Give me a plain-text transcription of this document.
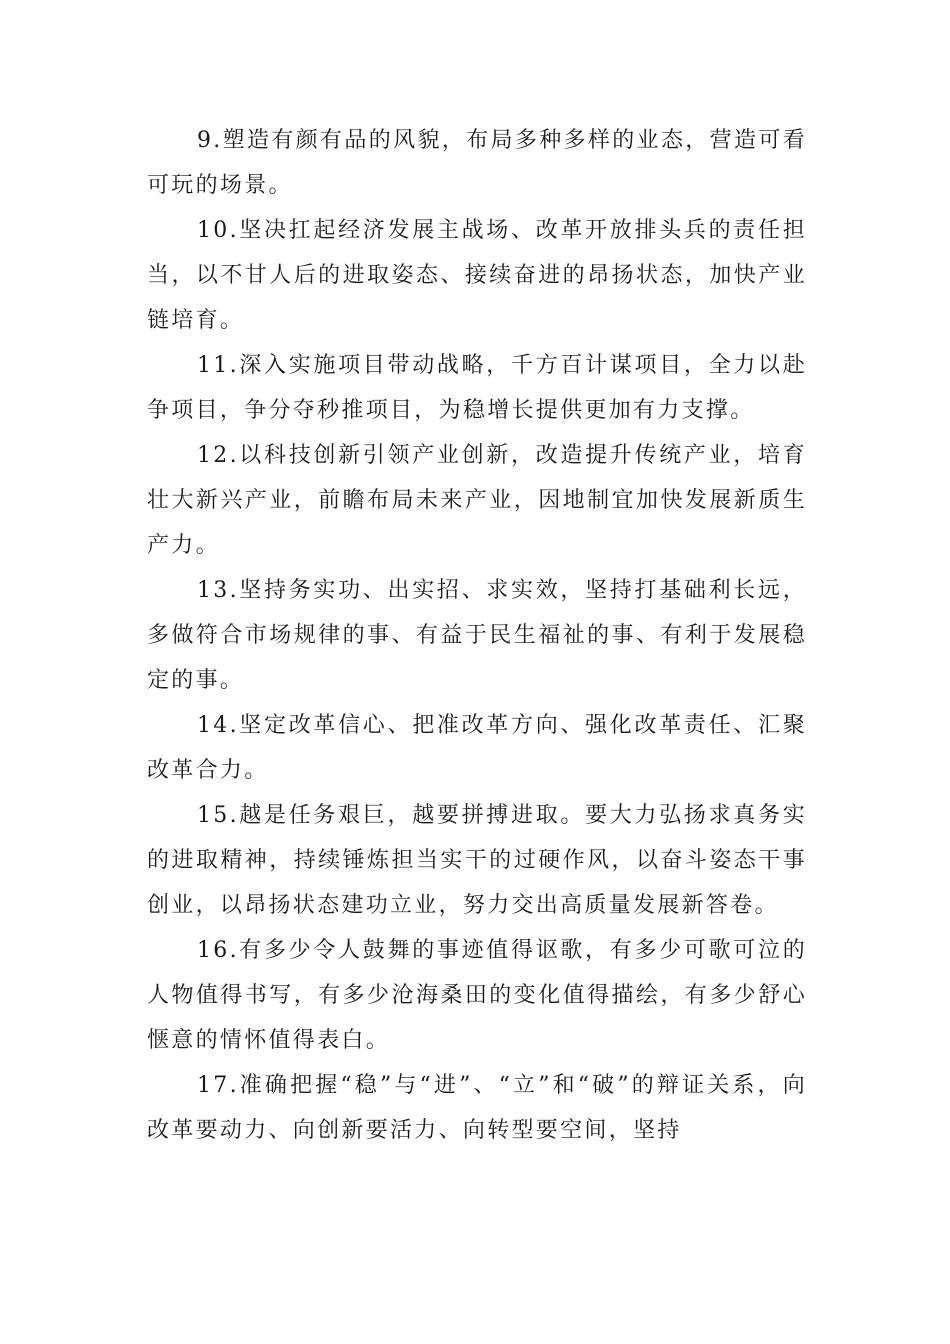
9.塑造有颜有品的风貌，布局多种多样的业态，营造可看可玩的场景。

10.坚决扛起经济发展主战场、改革开放排头兵的责任担当，以不甘人后的进取姿态、接续奋进的昂扬状态，加快产业链培育。

11.深入实施项目带动战略，千方百计谋项目，全力以赴争项目，争分夺秒推项目，为稳增长提供更加有力支撑。

12.以科技创新引领产业创新，改造提升传统产业，培育壮大新兴产业，前瞻布局未来产业，因地制宜加快发展新质生产力。

13.坚持务实功、出实招、求实效，坚持打基础利长远，多做符合市场规律的事、有益于民生福祉的事、有利于发展稳定的事。

14.坚定改革信心、把准改革方向、强化改革责任、汇聚改革合力。

15.越是任务艰巨，越要拼搏进取。要大力弘扬求真务实的进取精神，持续锤炼担当实干的过硬作风，以奋斗姿态干事创业，以昂扬状态建功立业，努力交出高质量发展新答卷。

16.有多少令人鼓舞的事迹值得讴歌，有多少可歌可泣的人物值得书写，有多少沧海桑田的变化值得描绘，有多少舒心惬意的情怀值得表白。

17.准确把握“稳”与“进”、“立”和“破”的辩证关系，向改革要动力、向创新要活力、向转型要空间，坚持
